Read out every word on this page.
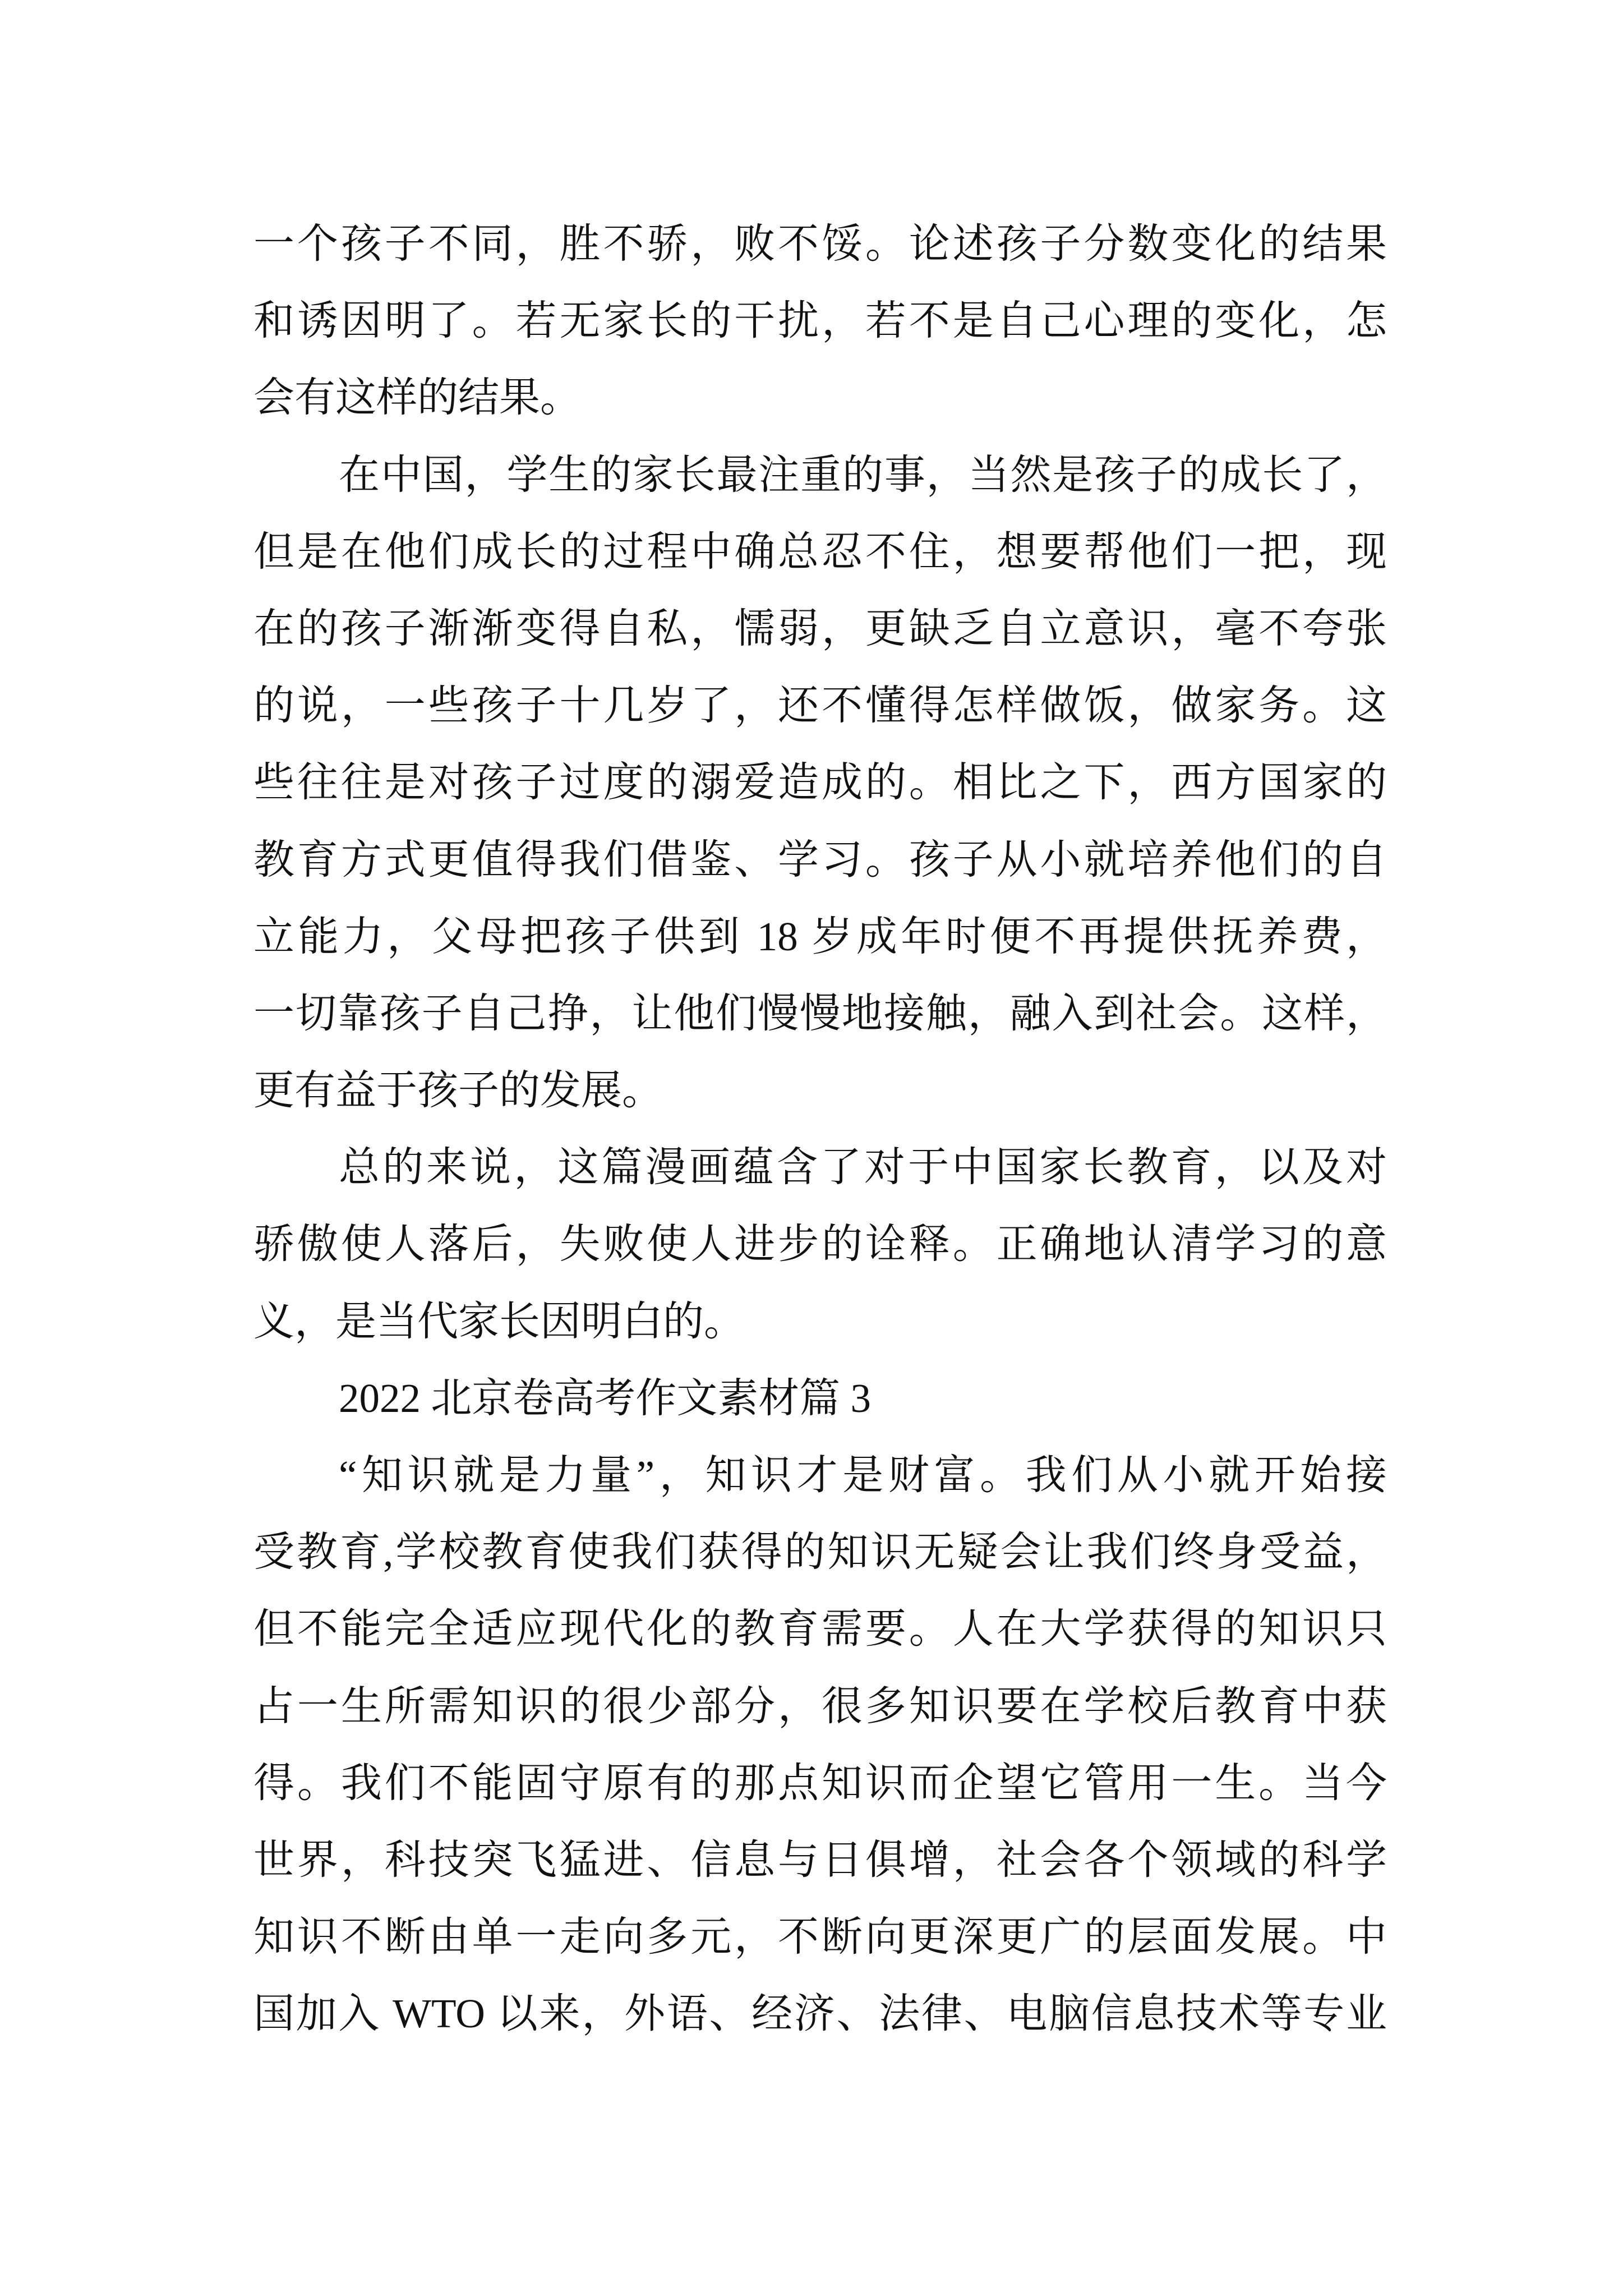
一个孩子不同，胜不骄，败不馁。论述孩子分数变化的结果
和诱因明了。若无家长的干扰，若不是自己心理的变化，怎
会有这样的结果。
在中国，学生的家长最注重的事，当然是孩子的成长了，
但是在他们成长的过程中确总忍不住，想要帮他们一把，现
在的孩子渐渐变得自私，懦弱，更缺乏自立意识，毫不夸张
的说，一些孩子十几岁了，还不懂得怎样做饭，做家务。这
些往往是对孩子过度的溺爱造成的。相比之下，西方国家的
教育方式更值得我们借鉴、学习。孩子从小就培养他们的自
立能力，父母把孩子供到 18 岁成年时便不再提供抚养费，
一切靠孩子自己挣，让他们慢慢地接触，融入到社会。这样，
更有益于孩子的发展。
总的来说，这篇漫画蕴含了对于中国家长教育，以及对
骄傲使人落后，失败使人进步的诠释。正确地认清学习的意
义，是当代家长因明白的。
2022 北京卷高考作文素材篇 3
“知识就是力量”，知识才是财富。我们从小就开始接
受教育,学校教育使我们获得的知识无疑会让我们终身受益，
但不能完全适应现代化的教育需要。人在大学获得的知识只
占一生所需知识的很少部分，很多知识要在学校后教育中获
得。我们不能固守原有的那点知识而企望它管用一生。当今
世界，科技突飞猛进、信息与日俱增，社会各个领域的科学
知识不断由单一走向多元，不断向更深更广的层面发展。中
国加入 WTO 以来，外语、经济、法律、电脑信息技术等专业
